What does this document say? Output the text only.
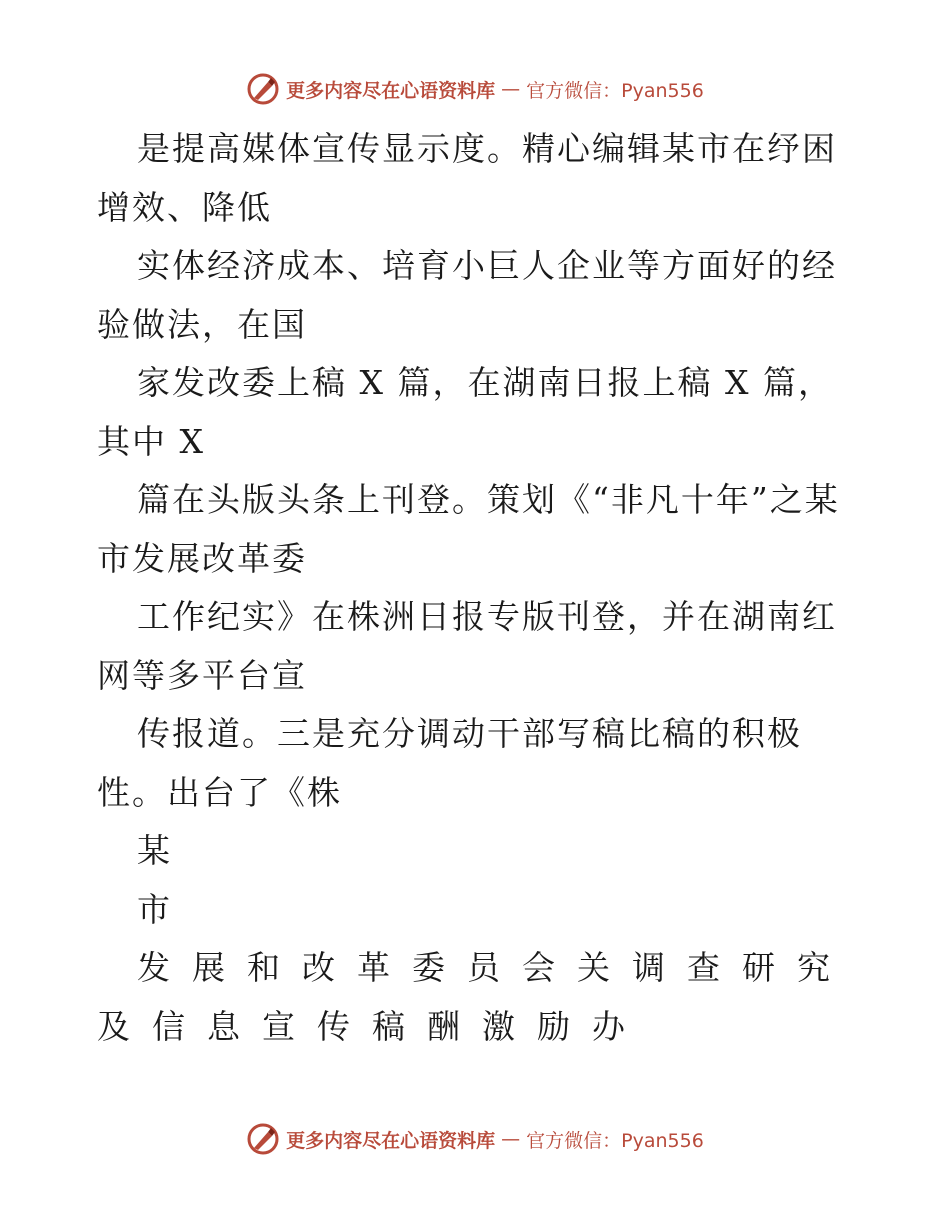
更多内容尽在心语资料库 — 官方微信：Pyan556

是提高媒体宣传显示度。精心编辑某市在纾困增效、降低

实体经济成本、培育小巨人企业等方面好的经验做法，在国

家发改委上稿 X 篇，在湖南日报上稿 X 篇，其中 X

篇在头版头条上刊登。策划《“非凡十年”之某市发展改革委

工作纪实》在株洲日报专版刊登，并在湖南红网等多平台宣

传报道。三是充分调动干部写稿比稿的积极性。出台了《株

某

市

发展和改革委员会关调查研究及信息宣传稿酬激励办

更多内容尽在心语资料库 — 官方微信：Pyan556
